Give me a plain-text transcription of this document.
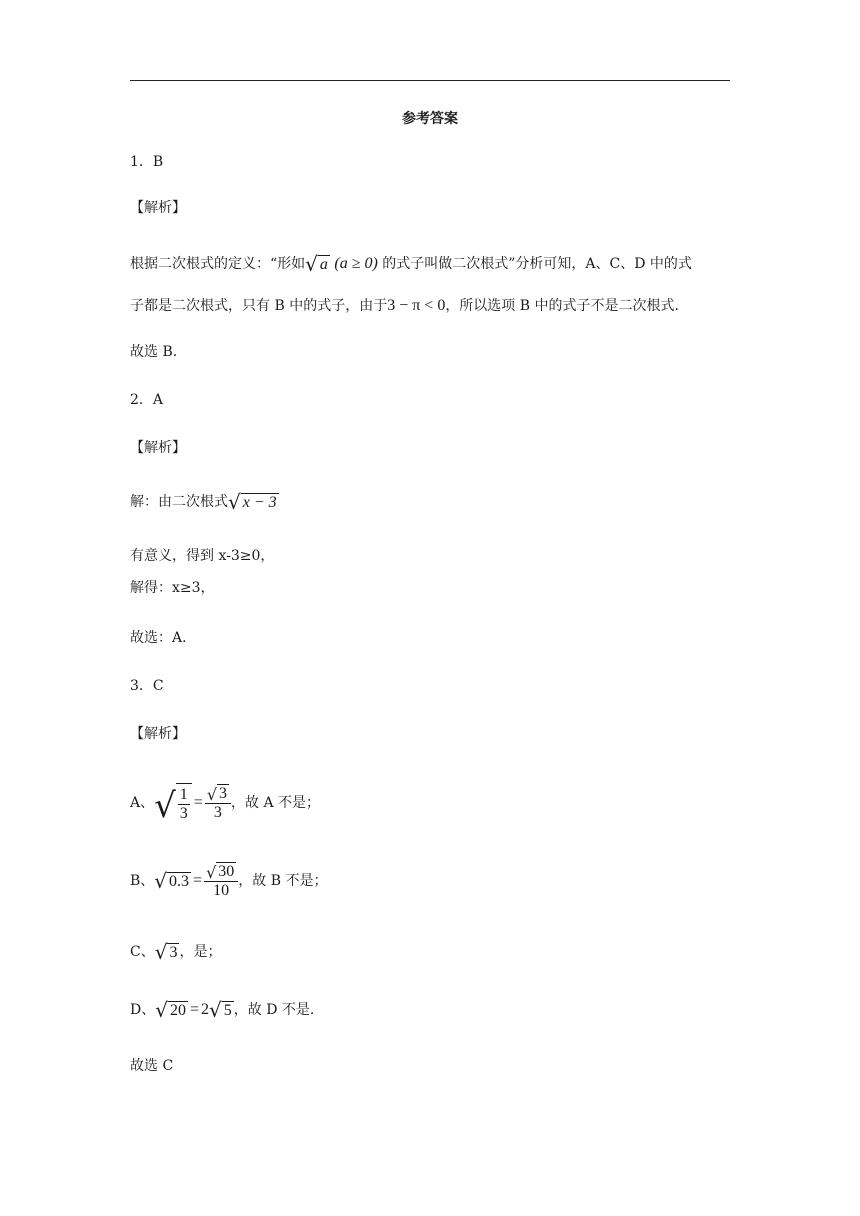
参考答案
1．B
【解析】
根据二次根式的定义：“形如 √ a (a ≥ 0) 的式子叫做二次根式”分析可知，A、C、D 中的式
子都是二次根式，只有 B 中的式子，由于3 − π < 0，所以选项 B 中的式子不是二次根式.
故选 B.
2．A
【解析】
解：由二次根式 √ x − 3
有意义，得到 x-3≥0，
解得：x≥3，
故选：A．
3．C
【解析】
A、 √ $\frac{1}{3} = \frac{√ 3}{3}$ ，故 A 不是；
B、 √ $0.3 = \frac{√ 30}{10}$ ，故 B 不是；
C、 √ 3 ，是；
D、 √ 20 = 2 √ 5 ，故 D 不是.
故选 C
